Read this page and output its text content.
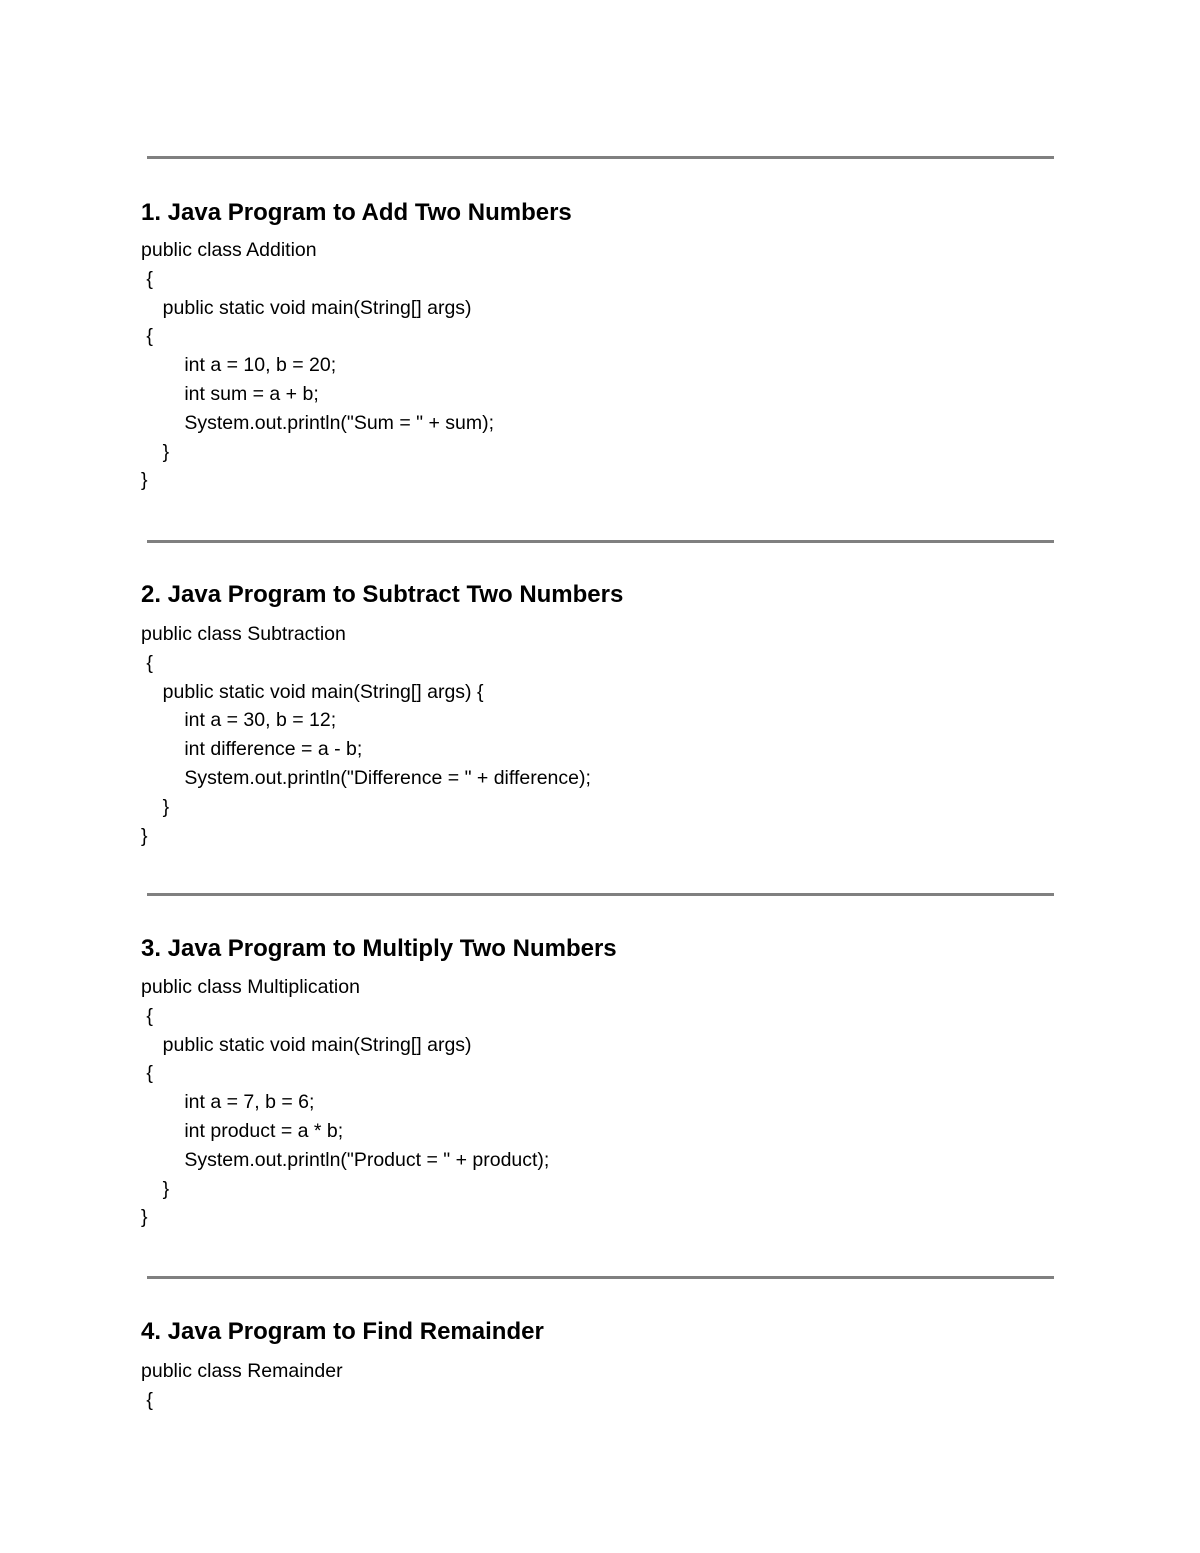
1. Java Program to Add Two Numbers
public class Addition
{
public static void main(String[] args)
{
int a = 10, b = 20;
int sum = a + b;
System.out.println("Sum = " + sum);
}
}
2. Java Program to Subtract Two Numbers
public class Subtraction
{
public static void main(String[] args) {
int a = 30, b = 12;
int difference = a - b;
System.out.println("Difference = " + difference);
}
}
3. Java Program to Multiply Two Numbers
public class Multiplication
{
public static void main(String[] args)
{
int a = 7, b = 6;
int product = a * b;
System.out.println("Product = " + product);
}
}
4. Java Program to Find Remainder
public class Remainder
{
